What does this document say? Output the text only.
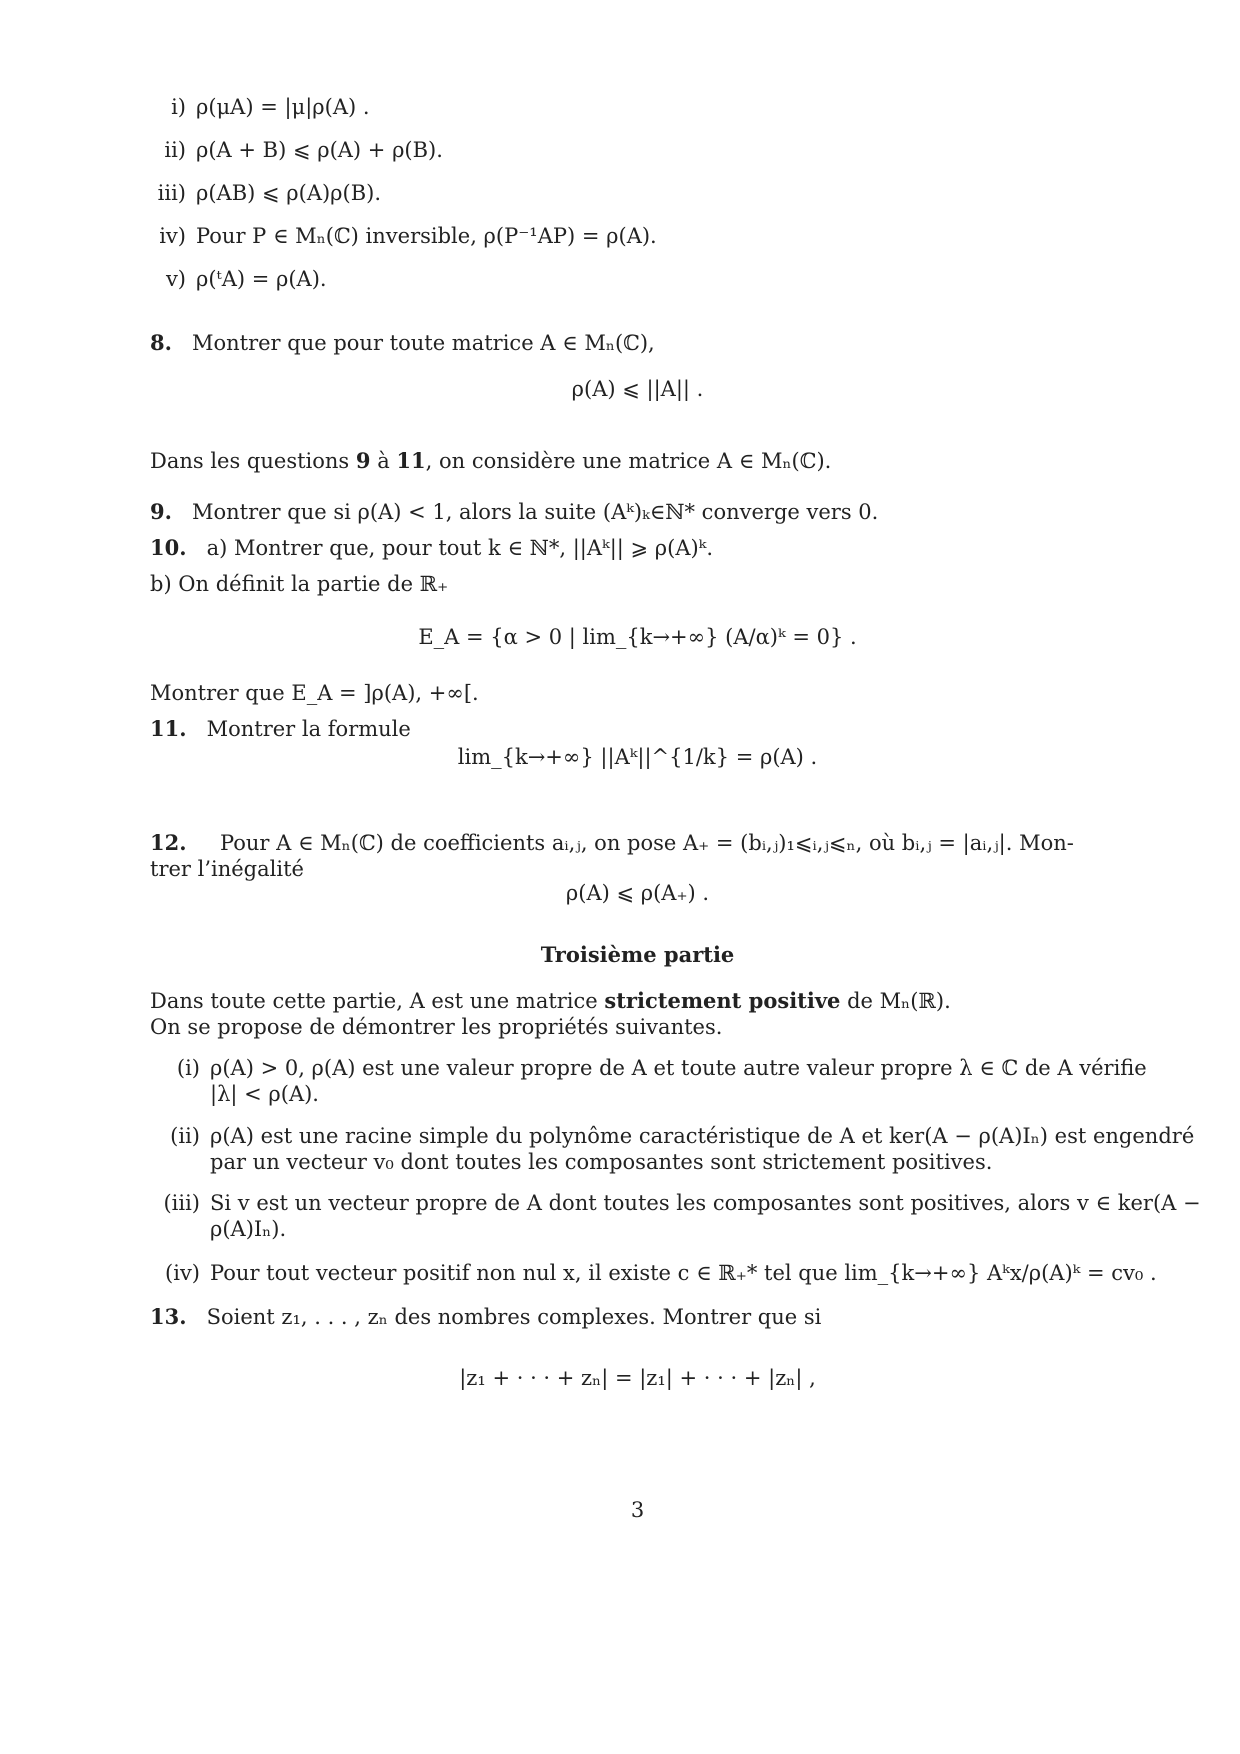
i) ρ(μA) = |μ|ρ(A) .
ii) ρ(A + B) ⩽ ρ(A) + ρ(B).
iii) ρ(AB) ⩽ ρ(A)ρ(B).
iv) Pour P ∈ Mₙ(ℂ) inversible, ρ(P⁻¹AP) = ρ(A).
v) ρ(ᵗA) = ρ(A).
8. Montrer que pour toute matrice A ∈ Mₙ(ℂ),
ρ(A) ⩽ ||A|| .
Dans les questions 9 à 11, on considère une matrice A ∈ Mₙ(ℂ).
9. Montrer que si ρ(A) < 1, alors la suite (Aᵏ)ₖ∈ℕ* converge vers 0.
10. a) Montrer que, pour tout k ∈ ℕ*, ||Aᵏ|| ⩾ ρ(A)ᵏ.
b) On définit la partie de ℝ₊
E_A = {α > 0 | lim_{k→+∞} (A/α)ᵏ = 0} .
Montrer que E_A = ]ρ(A), +∞[.
11. Montrer la formule
lim_{k→+∞} ||Aᵏ||^{1/k} = ρ(A) .
12. Pour A ∈ Mₙ(ℂ) de coefficients aᵢ,ⱼ, on pose A₊ = (bᵢ,ⱼ)₁⩽ᵢ,ⱼ⩽ₙ, où bᵢ,ⱼ = |aᵢ,ⱼ|. Mon-
trer l’inégalité
ρ(A) ⩽ ρ(A₊) .
Troisième partie
Dans toute cette partie, A est une matrice strictement positive de Mₙ(ℝ).
On se propose de démontrer les propriétés suivantes.
(i) ρ(A) > 0, ρ(A) est une valeur propre de A et toute autre valeur propre λ ∈ ℂ de A vérifie
|λ| < ρ(A).
(ii) ρ(A) est une racine simple du polynôme caractéristique de A et ker(A − ρ(A)Iₙ) est engendré
par un vecteur v₀ dont toutes les composantes sont strictement positives.
(iii) Si v est un vecteur propre de A dont toutes les composantes sont positives, alors v ∈ ker(A −
ρ(A)Iₙ).
(iv) Pour tout vecteur positif non nul x, il existe c ∈ ℝ₊* tel que lim_{k→+∞} Aᵏx/ρ(A)ᵏ = cv₀ .
13. Soient z₁, . . . , zₙ des nombres complexes. Montrer que si
|z₁ + · · · + zₙ| = |z₁| + · · · + |zₙ| ,
3
